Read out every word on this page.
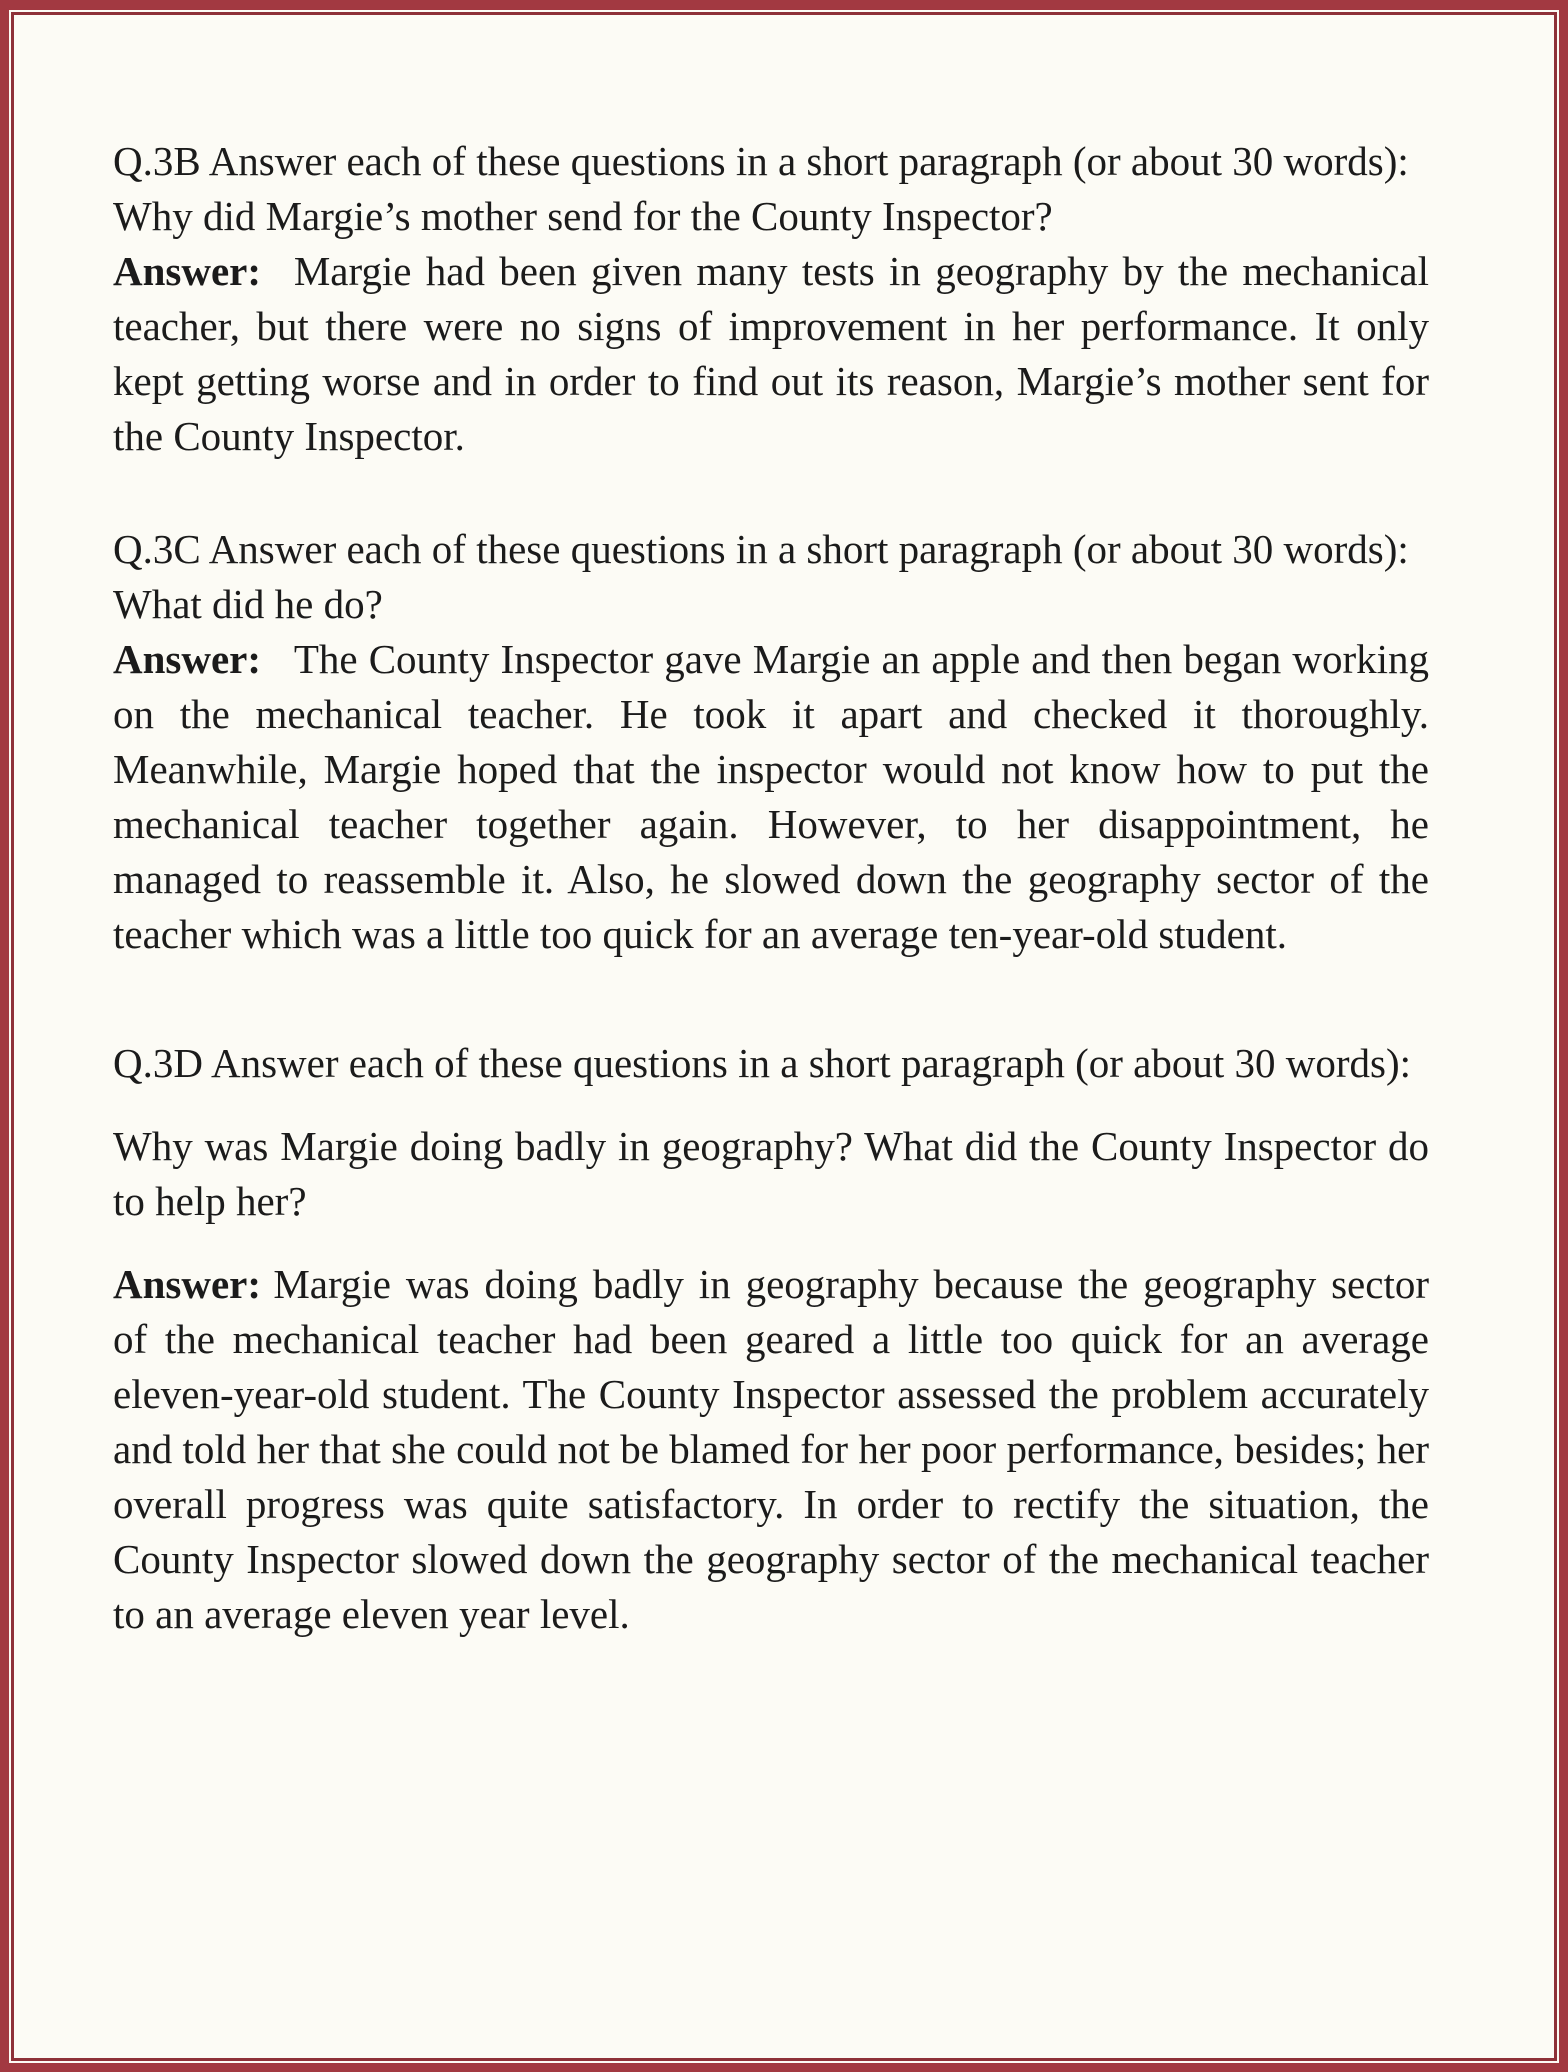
Q.3B Answer each of these questions in a short paragraph (or about 30 words):

Why did Margie’s mother send for the County Inspector?

Answer: Margie had been given many tests in geography by the mechanical teacher, but there were no signs of improvement in her performance. It only kept getting worse and in order to find out its reason, Margie’s mother sent for the County Inspector.

Q.3C Answer each of these questions in a short paragraph (or about 30 words):

What did he do?

Answer: The County Inspector gave Margie an apple and then began working on the mechanical teacher. He took it apart and checked it thoroughly. Meanwhile, Margie hoped that the inspector would not know how to put the mechanical teacher together again. However, to her disappointment, he managed to reassemble it. Also, he slowed down the geography sector of the teacher which was a little too quick for an average ten-year-old student.

Q.3D Answer each of these questions in a short paragraph (or about 30 words):

Why was Margie doing badly in geography? What did the County Inspector do to help her?

Answer: Margie was doing badly in geography because the geography sector of the mechanical teacher had been geared a little too quick for an average eleven-year-old student. The County Inspector assessed the problem accurately and told her that she could not be blamed for her poor performance, besides; her overall progress was quite satisfactory. In order to rectify the situation, the County Inspector slowed down the geography sector of the mechanical teacher to an average eleven year level.
